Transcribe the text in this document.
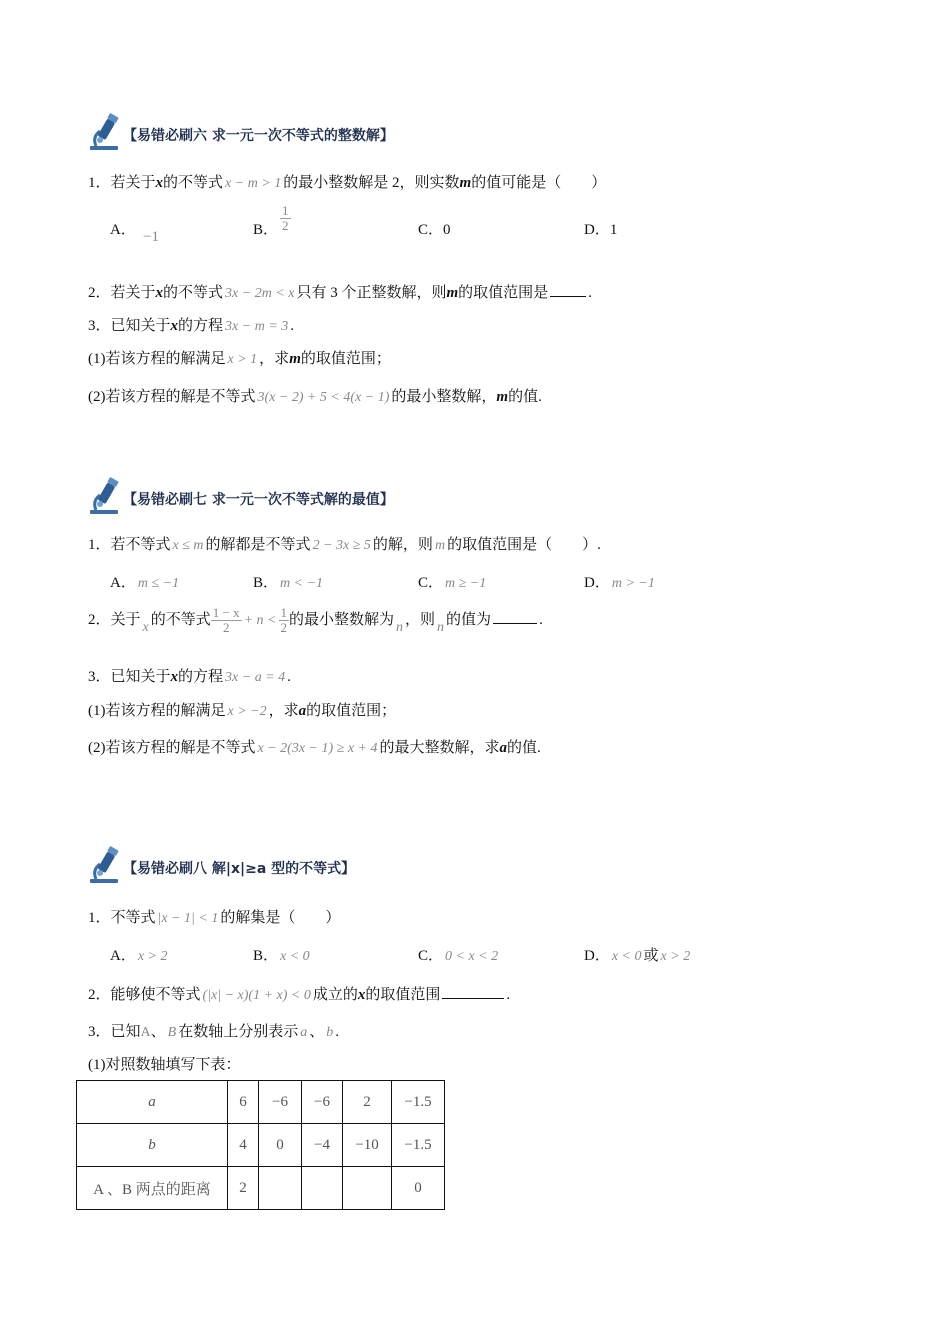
【易错必刷六 求一元一次不等式的整数解】
1．若关于x的不等式 x − m > 1 的最小整数解是 2，则实数m的值可能是（　　）
A． −1	B． $\frac{1}{2}$	C．0	D．1
2．若关于x的不等式 3x − 2m < x 只有 3 个正整数解，则m的取值范围是	.
3．已知关于x的方程 3x − m = 3 .
(1)若该方程的解满足 x > 1 ，求m的取值范围；
(2)若该方程的解是不等式 3(x − 2) + 5 < 4(x − 1) 的最小整数解，m的值.
【易错必刷七 求一元一次不等式解的最值】
1．若不等式 x ≤ m 的解都是不等式 2 − 3x ≥ 5 的解，则 m 的取值范围是（　　）.
A． m ≤ −1	B． m < −1	C． m ≥ −1	D． m > −1
2．关于 x 的不等式 $\frac{1 - x}{2} + n < \frac{1}{2}$ 的最小整数解为 n ，则 n 的值为	.
3．已知关于x的方程 3x − a = 4 .
(1)若该方程的解满足 x > −2 ，求a的取值范围；
(2)若该方程的解是不等式 x − 2(3x − 1) ≥ x + 4 的最大整数解，求a的值.
【易错必刷八 解|x|≥a 型的不等式】
1．不等式 |x − 1| < 1 的解集是（　　）
A． x > 2	B． x < 0	C． 0 < x < 2	D． x < 0 或 x > 2
2．能够使不等式 (|x| − x)(1 + x) < 0 成立的x的取值范围	.
3．已知A、 B 在数轴上分别表示 a 、 b .
(1)对照数轴填写下表：
a	6	−6	−6	2	−1.5
b	4	0	−4	−10	−1.5
A 、B 两点的距离	2				0
